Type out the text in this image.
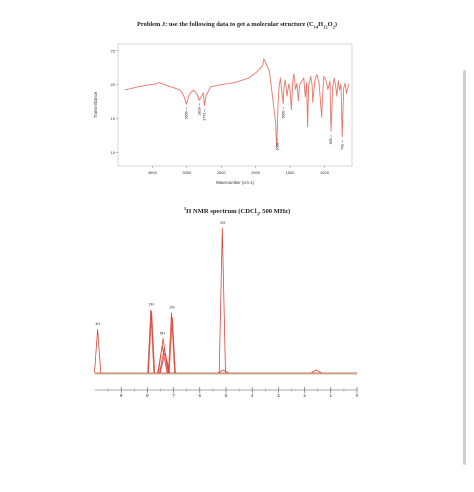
Problem J: use the following data to get a molecular structure $(C_{14}H_{12}O_2)$
10
15
20
25
3500	3000	2500	2000	1500	1000
Wavenumber (cm-1)
Transmittance	3006
2820
2743
1688
1600
905
742
$^1$H NMR spectrum (CDCl$_3$, 500 MHz)
1H
2H
5H
2H
2H
9	8	7	6	5	4	3	2	1	0
